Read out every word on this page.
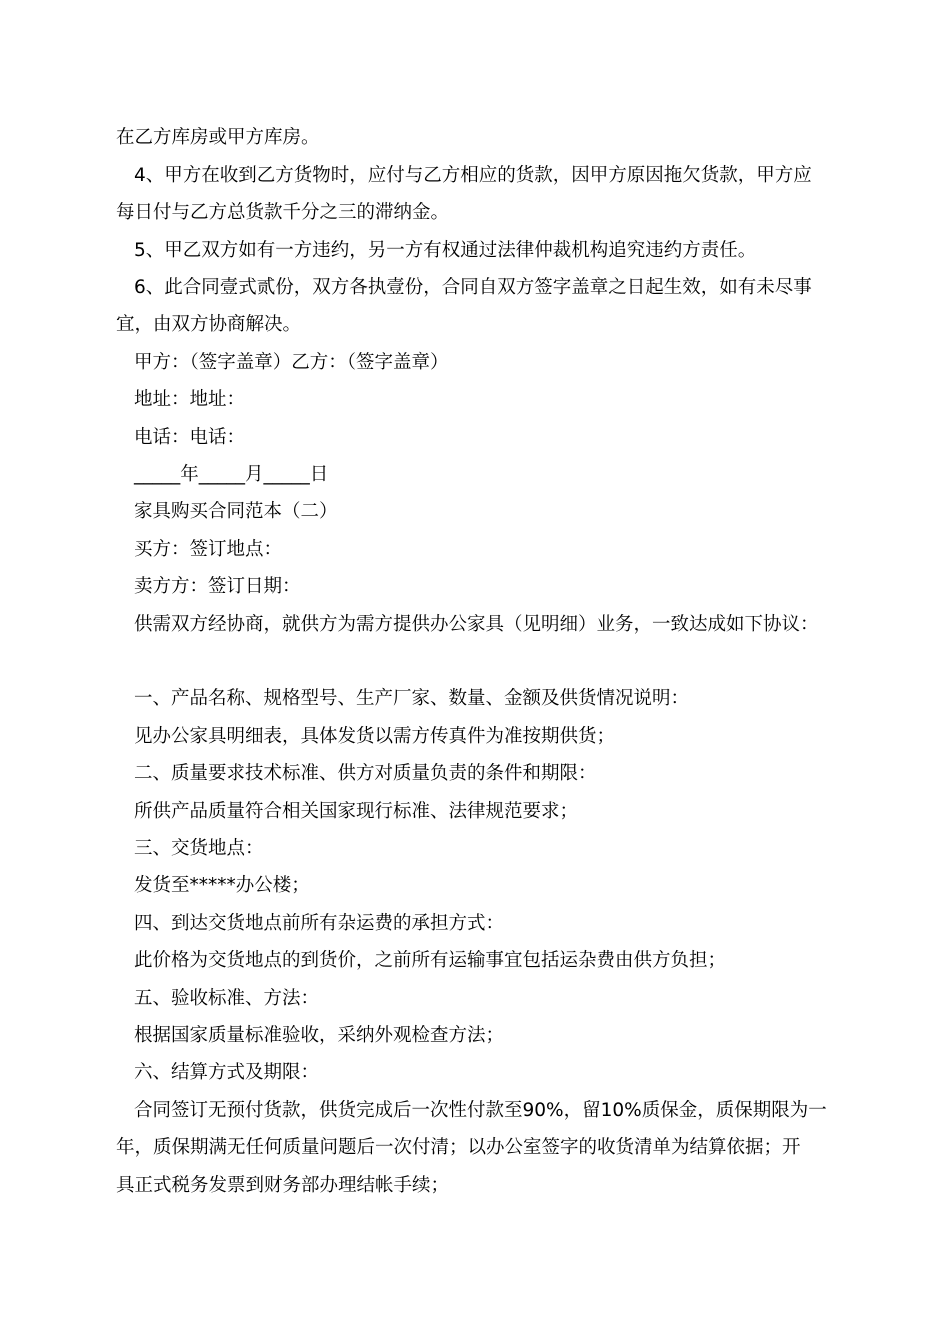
在乙方库房或甲方库房。
4、甲方在收到乙方货物时，应付与乙方相应的货款，因甲方原因拖欠货款，甲方应
每日付与乙方总货款千分之三的滞纳金。
5、甲乙双方如有一方违约，另一方有权通过法律仲裁机构追究违约方责任。
6、此合同壹式贰份，双方各执壹份，合同自双方签字盖章之日起生效，如有未尽事
宜，由双方协商解决。
甲方：（签字盖章）乙方：（签字盖章）
地址：地址：
电话：电话：
_____年_____月_____日
家具购买合同范本（二）
买方：签订地点：
卖方方：签订日期：
供需双方经协商，就供方为需方提供办公家具（见明细）业务，一致达成如下协议：
一、产品名称、规格型号、生产厂家、数量、金额及供货情况说明：
见办公家具明细表，具体发货以需方传真件为准按期供货；
二、质量要求技术标准、供方对质量负责的条件和期限：
所供产品质量符合相关国家现行标准、法律规范要求；
三、交货地点：
发货至*****办公楼；
四、到达交货地点前所有杂运费的承担方式：
此价格为交货地点的到货价，之前所有运输事宜包括运杂费由供方负担；
五、验收标准、方法：
根据国家质量标准验收，采纳外观检查方法；
六、结算方式及期限：
合同签订无预付货款，供货完成后一次性付款至90%，留10%质保金，质保期限为一
年，质保期满无任何质量问题后一次付清；以办公室签字的收货清单为结算依据；开
具正式税务发票到财务部办理结帐手续；
